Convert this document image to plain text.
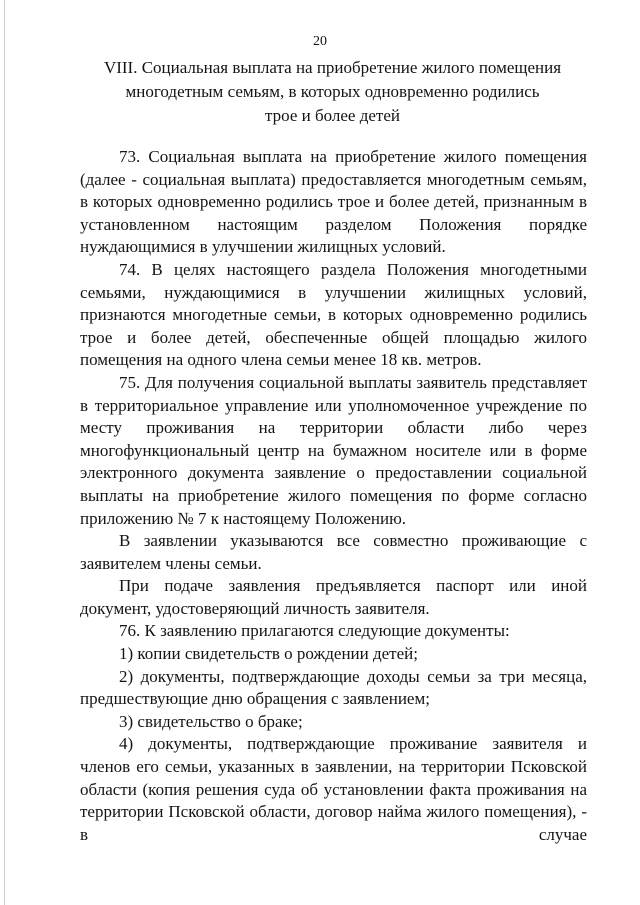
20
VIII. Социальная выплата на приобретение жилого помещения
многодетным семьям, в которых одновременно родились
трое и более детей

73. Социальная выплата на приобретение жилого помещения (далее - социальная выплата) предоставляется многодетным семьям, в которых одновременно родились трое и более детей, признанным в установленном настоящим разделом Положения порядке нуждающимися в улучшении жилищных условий.

74. В целях настоящего раздела Положения многодетными семьями, нуждающимися в улучшении жилищных условий, признаются многодетные семьи, в которых одновременно родились трое и более детей, обеспеченные общей площадью жилого помещения на одного члена семьи менее 18 кв. метров.

75. Для получения социальной выплаты заявитель представляет в территориальное управление или уполномоченное учреждение по месту проживания на территории области либо через многофункциональный центр на бумажном носителе или в форме электронного документа заявление о предоставлении социальной выплаты на приобретение жилого помещения по форме согласно приложению № 7 к настоящему Положению.

В заявлении указываются все совместно проживающие с заявителем члены семьи.

При подаче заявления предъявляется паспорт или иной документ, удостоверяющий личность заявителя.

76. К заявлению прилагаются следующие документы:

1) копии свидетельств о рождении детей;

2) документы, подтверждающие доходы семьи за три месяца, предшествующие дню обращения с заявлением;

3) свидетельство о браке;

4) документы, подтверждающие проживание заявителя и членов его семьи, указанных в заявлении, на территории Псковской области (копия решения суда об установлении факта проживания на территории Псковской области, договор найма жилого помещения), - в случае
